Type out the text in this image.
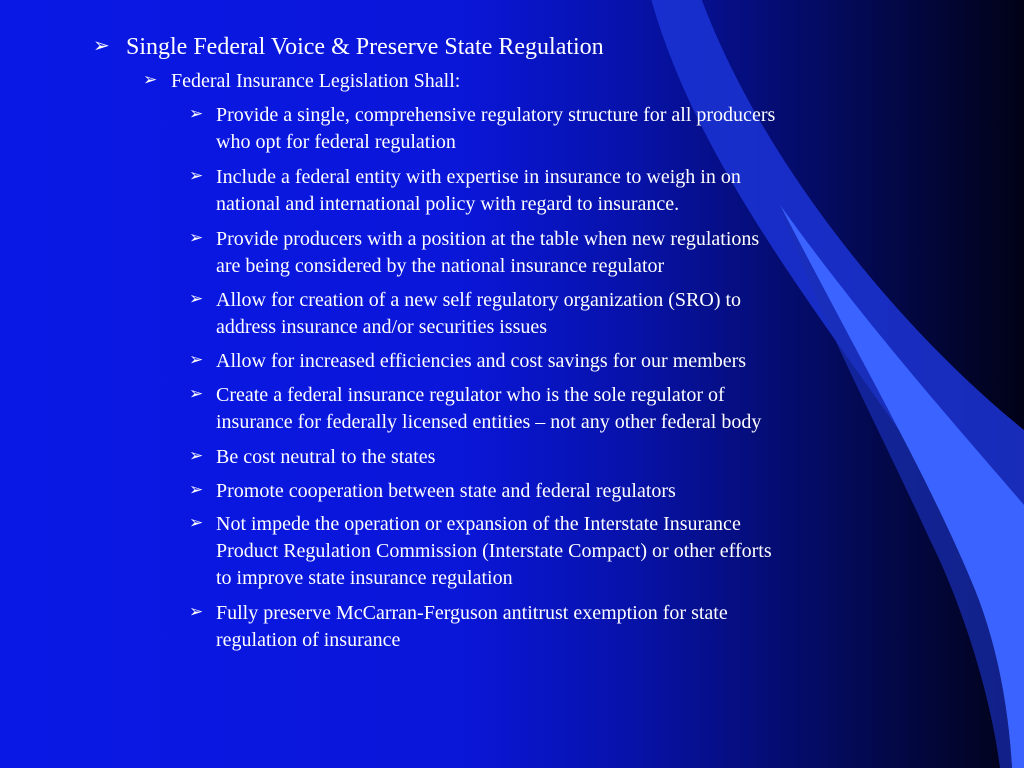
➢ Single Federal Voice & Preserve State Regulation
➢ Federal Insurance Legislation Shall:
➢ Provide a single, comprehensive regulatory structure for all producers
who opt for federal regulation
➢ Include a federal entity with expertise in insurance to weigh in on
national and international policy with regard to insurance.
➢ Provide producers with a position at the table when new regulations
are being considered by the national insurance regulator
➢ Allow for creation of a new self regulatory organization (SRO) to
address insurance and/or securities issues
➢ Allow for increased efficiencies and cost savings for our members
➢ Create a federal insurance regulator who is the sole regulator of
insurance for federally licensed entities – not any other federal body
➢ Be cost neutral to the states
➢ Promote cooperation between state and federal regulators
➢ Not impede the operation or expansion of the Interstate Insurance
Product Regulation Commission (Interstate Compact) or other efforts
to improve state insurance regulation
➢ Fully preserve McCarran-Ferguson antitrust exemption for state
regulation of insurance
